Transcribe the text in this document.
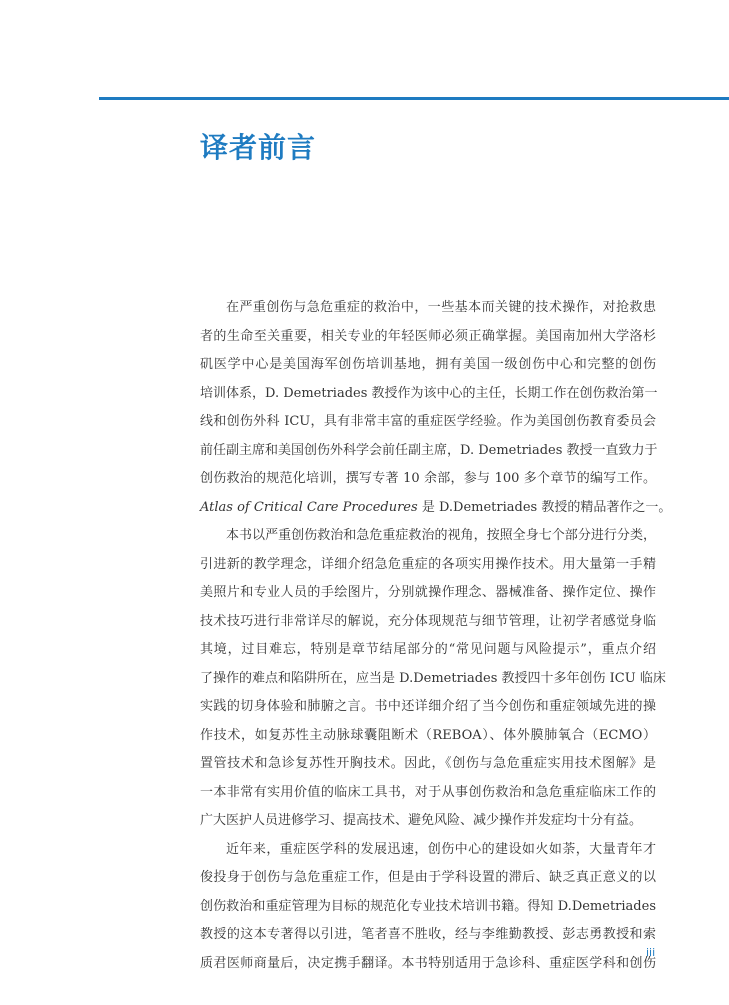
译者前言
在严重创伤与急危重症的救治中，一些基本而关键的技术操作，对抢救患
者的生命至关重要，相关专业的年轻医师必须正确掌握。美国南加州大学洛杉
矶医学中心是美国海军创伤培训基地，拥有美国一级创伤中心和完整的创伤
培训体系，D. Demetriades 教授作为该中心的主任，长期工作在创伤救治第一
线和创伤外科 ICU，具有非常丰富的重症医学经验。作为美国创伤教育委员会
前任副主席和美国创伤外科学会前任副主席，D. Demetriades 教授一直致力于
创伤救治的规范化培训，撰写专著 10 余部，参与 100 多个章节的编写工作。
Atlas of Critical Care Procedures 是 D.Demetriades 教授的精品著作之一。
本书以严重创伤救治和急危重症救治的视角，按照全身七个部分进行分类，
引进新的教学理念，详细介绍急危重症的各项实用操作技术。用大量第一手精
美照片和专业人员的手绘图片，分别就操作理念、器械准备、操作定位、操作
技术技巧进行非常详尽的解说，充分体现规范与细节管理，让初学者感觉身临
其境，过目难忘，特别是章节结尾部分的“常见问题与风险提示”，重点介绍
了操作的难点和陷阱所在，应当是 D.Demetriades 教授四十多年创伤 ICU 临床
实践的切身体验和肺腑之言。书中还详细介绍了当今创伤和重症领域先进的操
作技术，如复苏性主动脉球囊阻断术（REBOA）、体外膜肺氧合（ECMO）
置管技术和急诊复苏性开胸技术。因此，《创伤与急危重症实用技术图解》是
一本非常有实用价值的临床工具书，对于从事创伤救治和急危重症临床工作的
广大医护人员进修学习、提高技术、避免风险、减少操作并发症均十分有益。
近年来，重症医学科的发展迅速，创伤中心的建设如火如荼，大量青年才
俊投身于创伤与急危重症工作，但是由于学科设置的滞后、缺乏真正意义的以
创伤救治和重症管理为目标的规范化专业技术培训书籍。得知 D.Demetriades
教授的这本专著得以引进，笔者喜不胜收，经与李维勤教授、彭志勇教授和索
质君医师商量后，决定携手翻译。本书特别适用于急诊科、重症医学科和创伤
iii
